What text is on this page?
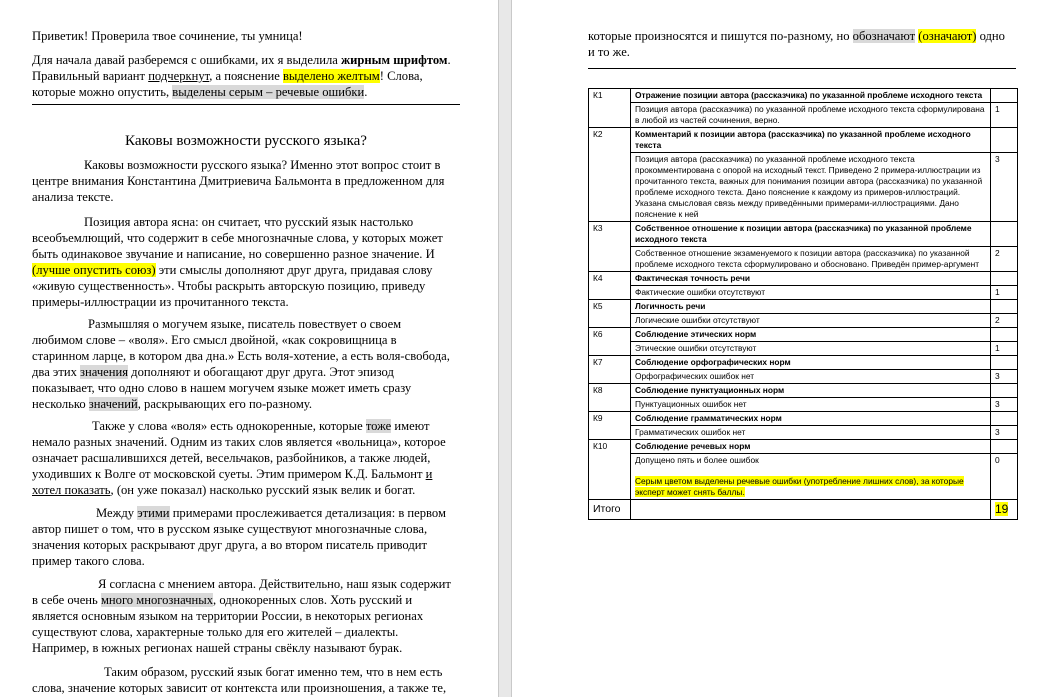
Приветик! Проверила твое сочинение, ты умница!

Для начала давай разберемся с ошибками, их я выделила жирным шрифтом.

Правильный вариант подчеркнут, а пояснение выделено желтым! Слова,

которые можно опустить, выделены серым – речевые ошибки.

Каковы возможности русского языка?

Каковы возможности русского языка? Именно этот вопрос стоит в

центре внимания Константина Дмитриевича Бальмонта в предложенном для

анализа тексте.

Позиция автора ясна: он считает, что русский язык настолько

всеобъемлющий, что содержит в себе многозначные слова, у которых может

быть одинаковое звучание и написание, но совершенно разное значение. И

(лучше опустить союз) эти смыслы дополняют друг друга, придавая слову

«живую существенность». Чтобы раскрыть авторскую позицию, приведу

примеры-иллюстрации из прочитанного текста.

Размышляя о могучем языке, писатель повествует о своем

любимом слове – «воля». Его смысл двойной, «как сокровищница в

старинном ларце, в котором два дна.» Есть воля-хотение, а есть воля-свобода,

два этих значения дополняют и обогащают друг друга. Этот эпизод

показывает, что одно слово в нашем могучем языке может иметь сразу

несколько значений, раскрывающих его по-разному.

Также у слова «воля» есть однокоренные, которые тоже имеют

немало разных значений. Одним из таких слов является «вольница», которое

означает расшалившихся детей, весельчаков, разбойников, а также людей,

уходивших к Волге от московской суеты. Этим примером К.Д. Бальмонт и

хотел показать, (он уже показал) насколько русский язык велик и богат.

Между этими примерами прослеживается детализация: в первом

автор пишет о том, что в русском языке существуют многозначные слова,

значения которых раскрывают друг друга, а во втором писатель приводит

пример такого слова.

Я согласна с мнением автора. Действительно, наш язык содержит

в себе очень много многозначных, однокоренных слов. Хоть русский и

является основным языком на территории России, в некоторых регионах

существуют слова, характерные только для его жителей – диалекты.

Например, в южных регионах нашей страны свёклу называют бурак.

Таким образом, русский язык богат именно тем, что в нем есть

слова, значение которых зависит от контекста или произношения, а также те,

которые произносятся и пишутся по-разному, но обозначают (означают) одно

и то же.

К1	Отражение позиции автора (рассказчика) по указанной проблеме исходного текста	
	Позиция автора (рассказчика) по указанной проблеме исходного текста сформулирована в любой из частей сочинения, верно.	1
К2	Комментарий к позиции автора (рассказчика) по указанной проблеме исходного текста	
	Позиция автора (рассказчика) по указанной проблеме исходного текста прокомментирована с опорой на исходный текст. Приведено 2 примера-иллюстрации из прочитанного текста, важных для понимания позиции автора (рассказчика) по указанной проблеме исходного текста. Дано пояснение к каждому из примеров-иллюстраций. Указана смысловая связь между приведёнными примерами-иллюстрациями. Дано пояснение к ней	3
К3	Собственное отношение к позиции автора (рассказчика) по указанной проблеме исходного текста	
	Собственное отношение экзаменуемого к позиции автора (рассказчика) по указанной проблеме исходного текста сформулировано и обосновано. Приведён пример-аргумент	2
К4	Фактическая точность речи	
	Фактические ошибки отсутствуют	1
К5	Логичность речи	
	Логические ошибки отсутствуют	2
К6	Соблюдение этических норм	
	Этические ошибки отсутствуют	1
К7	Соблюдение орфографических норм	
	Орфографических ошибок нет	3
К8	Соблюдение пунктуационных норм	
	Пунктуационных ошибок нет	3
К9	Соблюдение грамматических норм	
	Грамматических ошибок нет	3
К10	Соблюдение речевых норм	
	Допущено пять и более ошибок
Серым цветом выделены речевые ошибки (употребление лишних слов), за которые эксперт может снять баллы.	0
Итого		19
